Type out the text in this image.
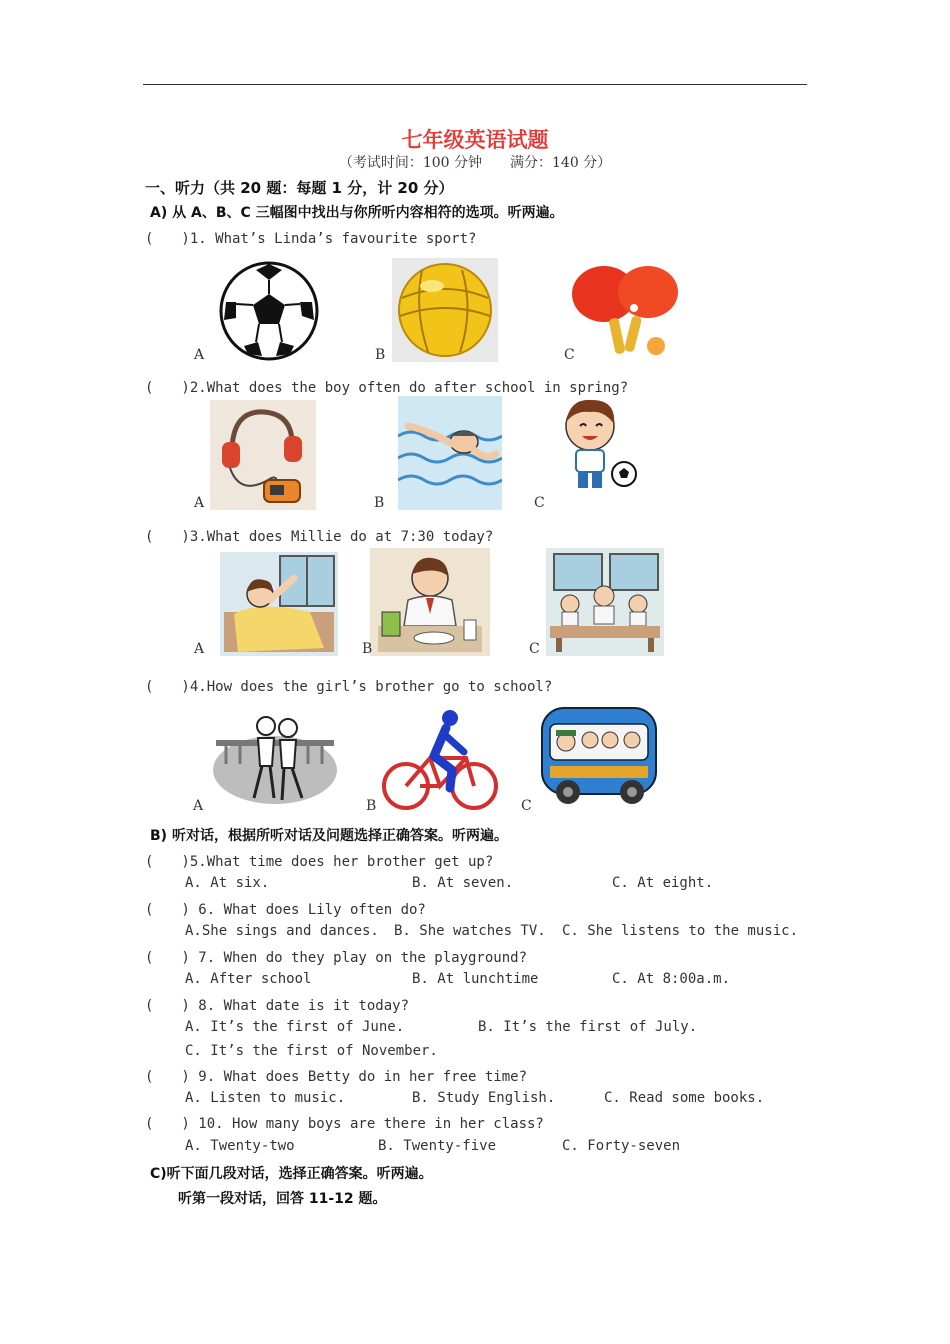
七年级英语试题
（考试时间：100 分钟　　满分：140 分）
一、听力（共 20 题：每题 1 分，计 20 分）
A) 从 A、B、C 三幅图中找出与你所听内容相符的选项。听两遍。
(　　)1. What’s Linda’s favourite sport?
A	B	C
(　　)2.What does the boy often do after school in spring?
A	B	C
(　　)3.What does Millie do at 7:30 today?
A	B	C
(　　)4.How does the girl’s brother go to school?
A	B	C
B) 听对话，根据所听对话及问题选择正确答案。听两遍。
(　　)5.What time does her brother get up?
A. At six.	B. At seven.	C. At eight.
(　　) 6. What does Lily often do?
A.She sings and dances. B. She watches TV. C. She listens to the music.
(　　) 7. When do they play on the playground?
A. After school	B. At lunchtime	C. At 8:00a.m.
(　　) 8. What date is it today?
A. It’s the first of June.	B. It’s the first of July.
C. It’s the first of November.
(　　) 9. What does Betty do in her free time?
A. Listen to music.	B. Study English.	C. Read some books.
(　　) 10. How many boys are there in her class?
A. Twenty-two	B. Twenty-five	C. Forty-seven
C)听下面几段对话，选择正确答案。听两遍。
听第一段对话，回答 11-12 题。
